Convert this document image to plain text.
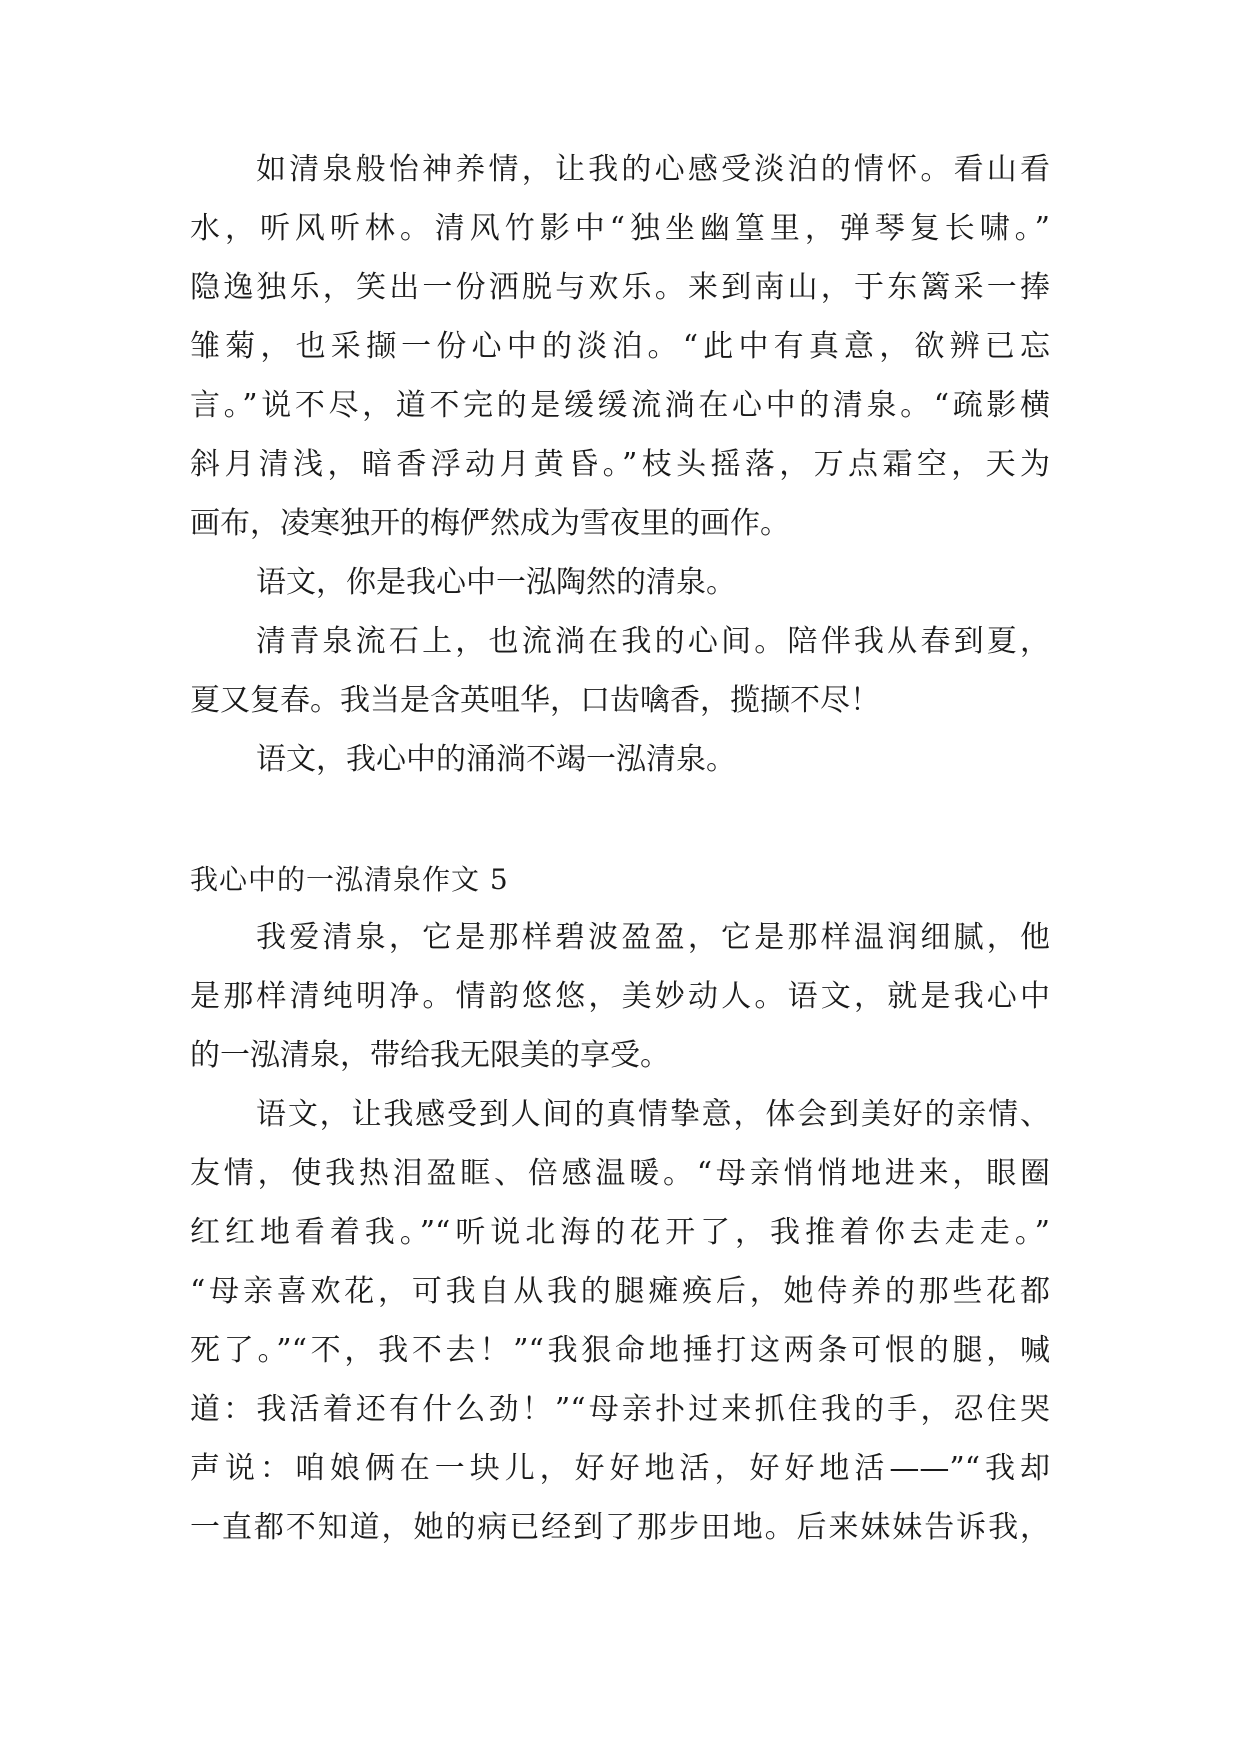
如清泉般怡神养情，让我的心感受淡泊的情怀。看山看
水，听风听林。清风竹影中“独坐幽篁里，弹琴复长啸。”
隐逸独乐，笑出一份洒脱与欢乐。来到南山，于东篱采一捧
雏菊，也采撷一份心中的淡泊。“此中有真意，欲辨已忘
言。”说不尽，道不完的是缓缓流淌在心中的清泉。“疏影横
斜月清浅，暗香浮动月黄昏。”枝头摇落，万点霜空，天为
画布，凌寒独开的梅俨然成为雪夜里的画作。
语文，你是我心中一泓陶然的清泉。
清青泉流石上，也流淌在我的心间。陪伴我从春到夏，
夏又复春。我当是含英咀华，口齿噙香，揽撷不尽！
语文，我心中的涌淌不竭一泓清泉。
我心中的一泓清泉作文 5
我爱清泉，它是那样碧波盈盈，它是那样温润细腻，他
是那样清纯明净。情韵悠悠，美妙动人。语文，就是我心中
的一泓清泉，带给我无限美的享受。
语文，让我感受到人间的真情挚意，体会到美好的亲情、
友情，使我热泪盈眶、倍感温暖。“母亲悄悄地进来，眼圈
红红地看着我。”“听说北海的花开了，我推着你去走走。”
“母亲喜欢花，可我自从我的腿瘫痪后，她侍养的那些花都
死了。”“不，我不去！”“我狠命地捶打这两条可恨的腿，喊
道：我活着还有什么劲！”“母亲扑过来抓住我的手，忍住哭
声说：咱娘俩在一块儿，好好地活，好好地活——”“我却
一直都不知道，她的病已经到了那步田地。后来妹妹告诉我，
